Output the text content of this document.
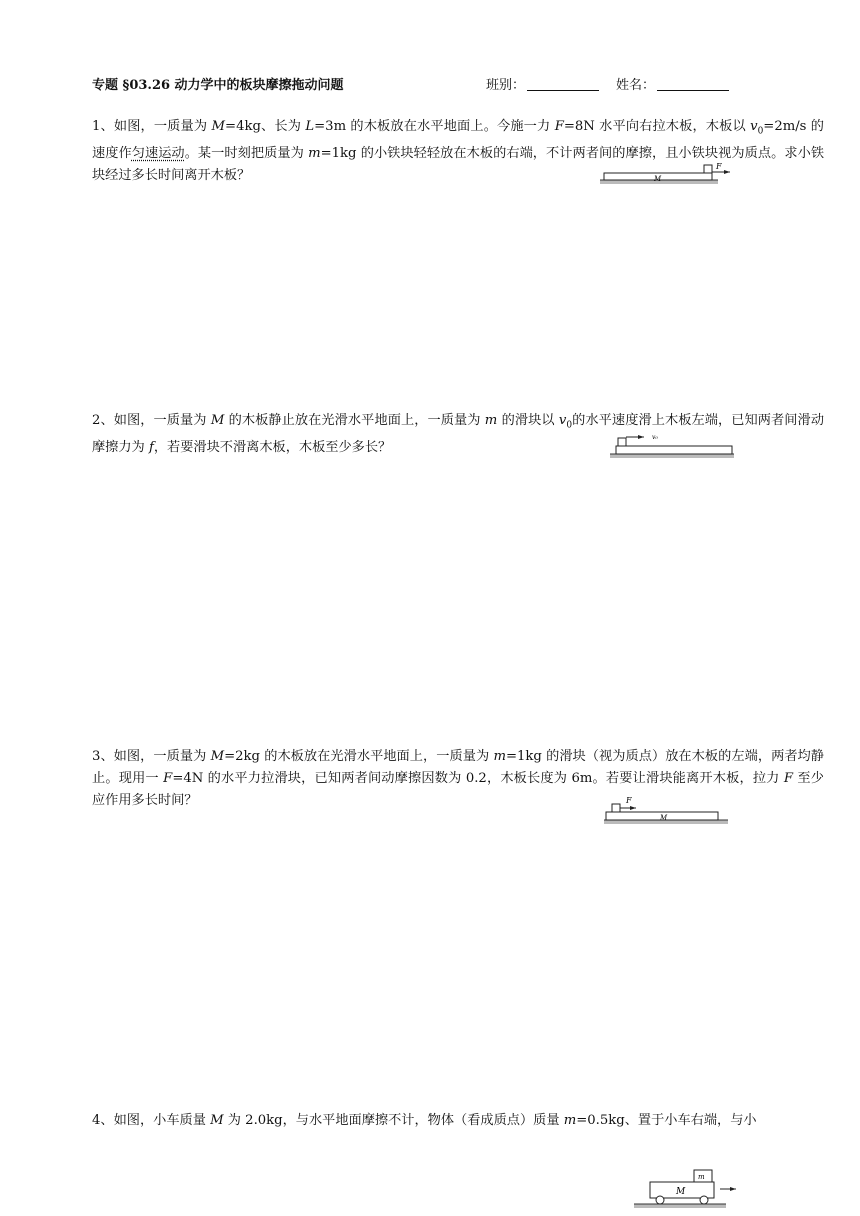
专题 §03.26 动力学中的板块摩擦拖动问题	班别：	姓名：
1、如图，一质量为 M=4kg、长为 L=3m 的木板放在水平地面上。今施一力 F=8N 水平向右拉木板，木板以 $v_0=2m/s$ 的速度作匀速运动。某一时刻把质量为 m=1kg 的小铁块轻轻放在木板的右端，不计两者间的摩擦，且小铁块视为质点。求小铁块经过多长时间离开木板？
F
M
2、如图，一质量为 M 的木板静止放在光滑水平地面上，一质量为 m 的滑块以 $v_0$的水平速度滑上木板左端，已知两者间滑动摩擦力为 f，若要滑块不滑离木板，木板至少多长？
v₀
3、如图，一质量为 M=2kg 的木板放在光滑水平地面上，一质量为 m=1kg 的滑块（视为质点）放在木板的左端，两者均静止。现用一 F=4N 的水平力拉滑块，已知两者间动摩擦因数为 0.2，木板长度为 6m。若要让滑块能离开木板，拉力 F 至少应作用多长时间？	F
M
4、如图，小车质量 M 为 2.0kg，与水平地面摩擦不计，物体（看成质点）质量 m=0.5kg、置于小车右端，与小
m
M
